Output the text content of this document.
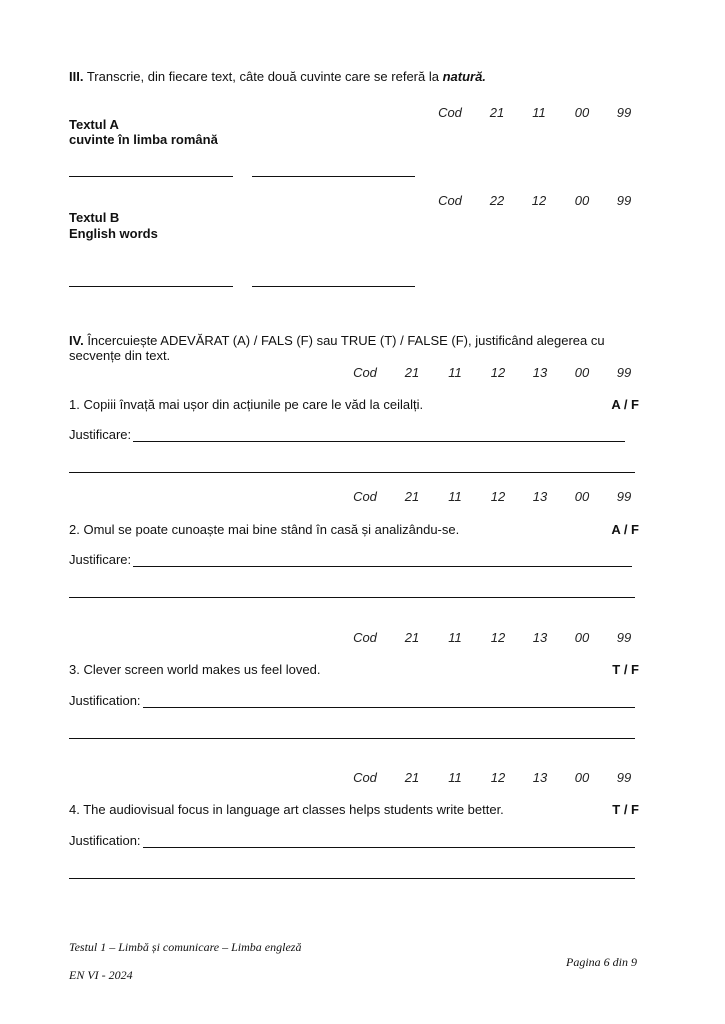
III. Transcrie, din fiecare text, câte două cuvinte care se referă la natură.
Cod	21	11	00	99
Textul A
cuvinte în limba română
Cod	22	12	00	99
Textul B
English words
IV. Încercuiește ADEVĂRAT (A) / FALS (F) sau TRUE (T) / FALSE (F), justificând alegerea cu
secvențe din text.
Cod	21	11	12	13	00	99
1. Copiii învață mai ușor din acțiunile pe care le văd la ceilalți.	A / F
Justificare:
Cod	21	11	12	13	00	99
2. Omul se poate cunoaște mai bine stând în casă și analizându-se.	A / F
Justificare:
Cod	21	11	12	13	00	99
3. Clever screen world makes us feel loved.	T / F
Justification:
Cod	21	11	12	13	00	99
4. The audiovisual focus in language art classes helps students write better.	T / F
Justification:
Testul 1 – Limbă și comunicare – Limba engleză
EN VI - 2024
Pagina 6 din 9
